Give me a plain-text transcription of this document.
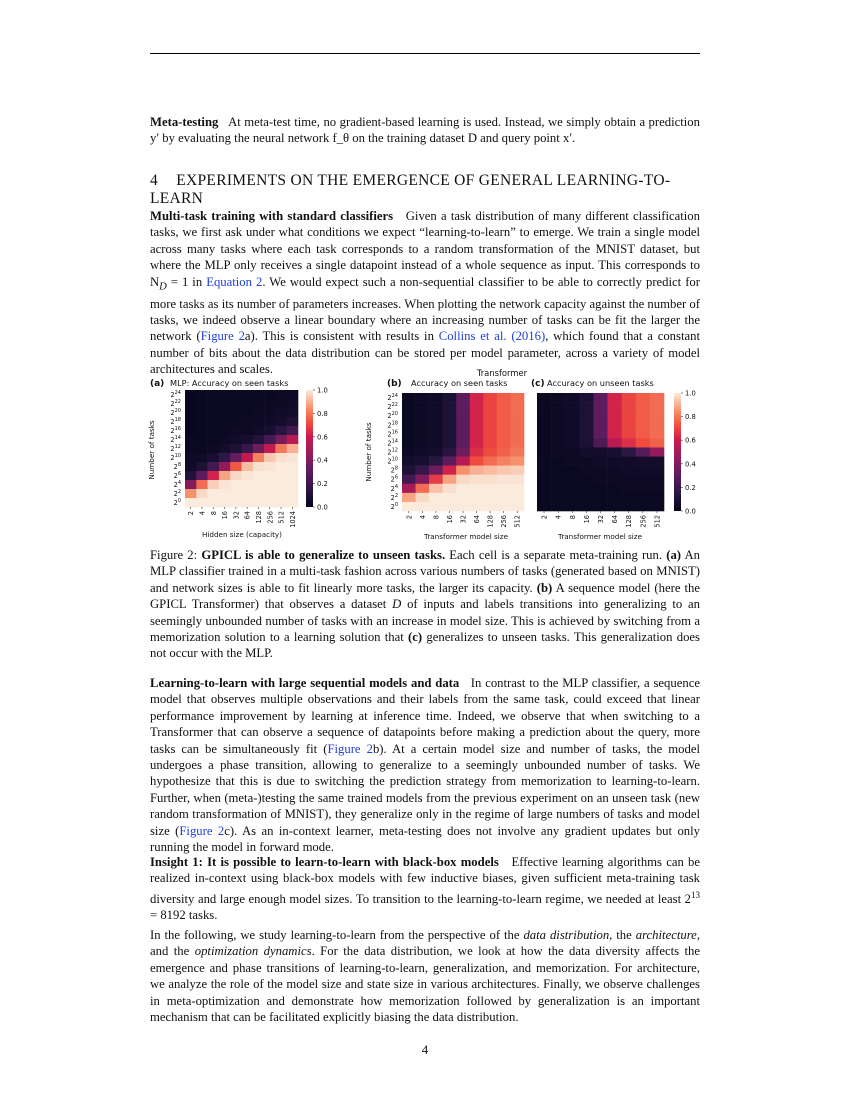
Meta-testing At meta-test time, no gradient-based learning is used. Instead, we simply obtain a prediction y′ by evaluating the neural network f_θ on the training dataset D and query point x′.
4 EXPERIMENTS ON THE EMERGENCE OF GENERAL LEARNING-TO-LEARN
Multi-task training with standard classifiers Given a task distribution of many different classification tasks, we first ask under what conditions we expect “learning-to-learn” to emerge. We train a single model across many tasks where each task corresponds to a random transformation of the MNIST dataset, but where the MLP only receives a single datapoint instead of a whole sequence as input. This corresponds to $N_D = 1$ in Equation 2. We would expect such a non-sequential classifier to be able to correctly predict for more tasks as its number of parameters increases. When plotting the network capacity against the number of tasks, we indeed observe a linear boundary where an increasing number of tasks can be fit the larger the network (Figure 2a). This is consistent with results in Collins et al. (2016), which found that a constant number of bits about the data distribution can be stored per model parameter, across a variety of model architectures and scales.	Transformer
(a) MLP: Accuracy on seen tasks
Hidden size (capacity)
Number of tasks
(b) Accuracy on seen tasks
Transformer model size
Number of tasks
(c) Accuracy on unseen tasks
Transformer model size
2 4 8 16 32 64 128 256 512 1024
$2^{24}$
$2^{22}$
$2^{20}$
$2^{18}$
$2^{16}$
$2^{14}$
$2^{12}$
$2^{10}$
$2^8$
$2^6$
$2^4$
$2^2$
$2^0$
1.0
0.8
0.6
0.4
0.2
0.0
2 4 8 16 32 64 128 256 512
$2^{24}$
$2^{22}$
$2^{20}$
$2^{18}$
$2^{16}$
$2^{14}$
$2^{12}$
$2^{10}$
$2^8$
$2^6$
$2^4$
$2^2$
$2^0$
2 4 8 16 32 64 128 256 512
1.0
0.8
0.6
0.4
0.2
0.0
Figure 2: GPICL is able to generalize to unseen tasks. Each cell is a separate meta-training run. (a) An MLP classifier trained in a multi-task fashion across various numbers of tasks (generated based on MNIST) and network sizes is able to fit linearly more tasks, the larger its capacity. (b) A sequence model (here the GPICL Transformer) that observes a dataset D of inputs and labels transitions into generalizing to an seemingly unbounded number of tasks with an increase in model size. This is achieved by switching from a memorization solution to a learning solution that (c) generalizes to unseen tasks. This generalization does not occur with the MLP.
Learning-to-learn with large sequential models and data In contrast to the MLP classifier, a sequence model that observes multiple observations and their labels from the same task, could exceed that linear performance improvement by learning at inference time. Indeed, we observe that when switching to a Transformer that can observe a sequence of datapoints before making a prediction about the query, more tasks can be simultaneously fit (Figure 2b). At a certain model size and number of tasks, the model undergoes a phase transition, allowing to generalize to a seemingly unbounded number of tasks. We hypothesize that this is due to switching the prediction strategy from memorization to learning-to-learn. Further, when (meta-)testing the same trained models from the previous experiment on an unseen task (new random transformation of MNIST), they generalize only in the regime of large numbers of tasks and model size (Figure 2c). As an in-context learner, meta-testing does not involve any gradient updates but only running the model in forward mode.
Insight 1: It is possible to learn-to-learn with black-box models Effective learning algorithms can be realized in-context using black-box models with few inductive biases, given sufficient meta-training task diversity and large enough model sizes. To transition to the learning-to-learn regime, we needed at least $2^{13} = 8192$ tasks.
In the following, we study learning-to-learn from the perspective of the data distribution, the architecture, and the optimization dynamics. For the data distribution, we look at how the data diversity affects the emergence and phase transitions of learning-to-learn, generalization, and memorization. For architecture, we analyze the role of the model size and state size in various architectures. Finally, we observe challenges in meta-optimization and demonstrate how memorization followed by generalization is an important mechanism that can be facilitated explicitly biasing the data distribution.
4
